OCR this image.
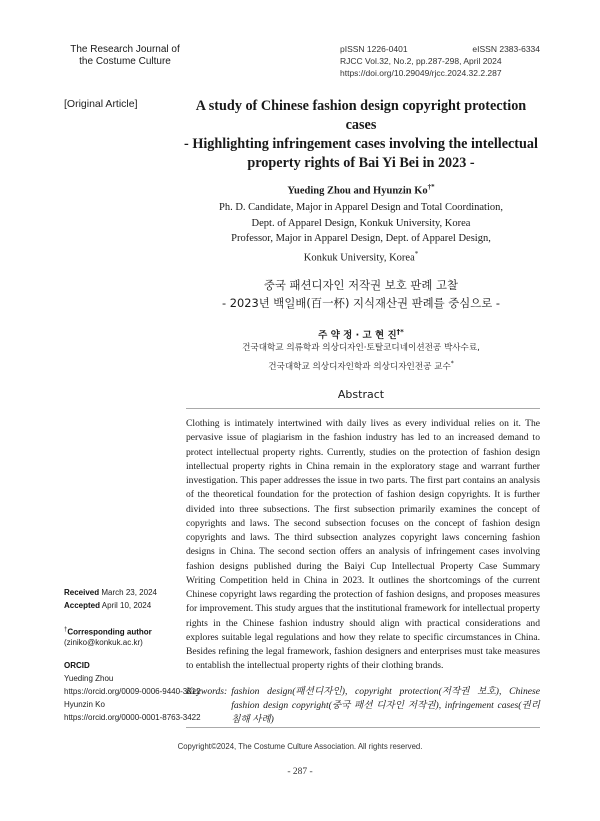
The Research Journal of
the Costume Culture
pISSN 1226-0401	eISSN 2383-6334
RJCC Vol.32, No.2, pp.287-298, April 2024
https://doi.org/10.29049/rjcc.2024.32.2.287
[Original Article]	A study of Chinese fashion design copyright protection
cases
- Highlighting infringement cases involving the intellectual
property rights of Bai Yi Bei in 2023 -
Yueding Zhou and Hyunzin Ko†*
Ph. D. Candidate, Major in Apparel Design and Total Coordination,
Dept. of Apparel Design, Konkuk University, Korea
Professor, Major in Apparel Design, Dept. of Apparel Design,
Konkuk University, Korea*
중국 패션디자인 저작권 보호 판례 고찰
- 2023년 백일배(百一杯) 지식재산권 판례를 중심으로 -
주 약 정 · 고 현 진†*
건국대학교 의류학과 의상디자인·토탈코디네이션전공 박사수료,
건국대학교 의상디자인학과 의상디자인전공 교수*
Abstract
Clothing is intimately intertwined with daily lives as every individual relies on it. The pervasive issue of plagiarism in the fashion industry has led to an increased demand to protect intellectual property rights. Currently, studies on the protection of fashion design intellectual property rights in China remain in the exploratory stage and warrant further investigation. This paper addresses the issue in two parts. The first part contains an analysis of the theoretical foundation for the protection of fashion design copyrights. It is further divided into three subsections. The first subsection primarily examines the concept of copyrights and laws. The second subsection focuses on the concept of fashion design copyrights and laws. The third subsection analyzes copyright laws concerning fashion designs in China. The second section offers an analysis of infringement cases involving fashion designs published during the Baiyi Cup Intellectual Property Case Summary Writing Competition held in China in 2023. It outlines the shortcomings of the current Chinese copyright laws regarding the protection of fashion designs, and proposes measures for improvement. This study argues that the institutional framework for intellectual property rights in the Chinese fashion industry should align with practical considerations and explores suitable legal regulations and how they relate to specific circumstances in China. Besides refining the legal framework, fashion designers and enterprises must take measures to entablish the intellectual property rights of their clothing brands.
Keywords: fashion design(패션디자인), copyright protection(저작권 보호), Chinese fashion design copyright(중국 패션 디자인 저작권), infringement cases(권리침해 사례)
Received March 23, 2024
Accepted April 10, 2024
†Corresponding author
(ziniko@konkuk.ac.kr)
ORCID
Yueding Zhou
https://orcid.org/0009-0006-9440-3012
Hyunzin Ko
https://orcid.org/0000-0001-8763-3422
Copyright©2024, The Costume Culture Association. All rights reserved.
- 287 -
